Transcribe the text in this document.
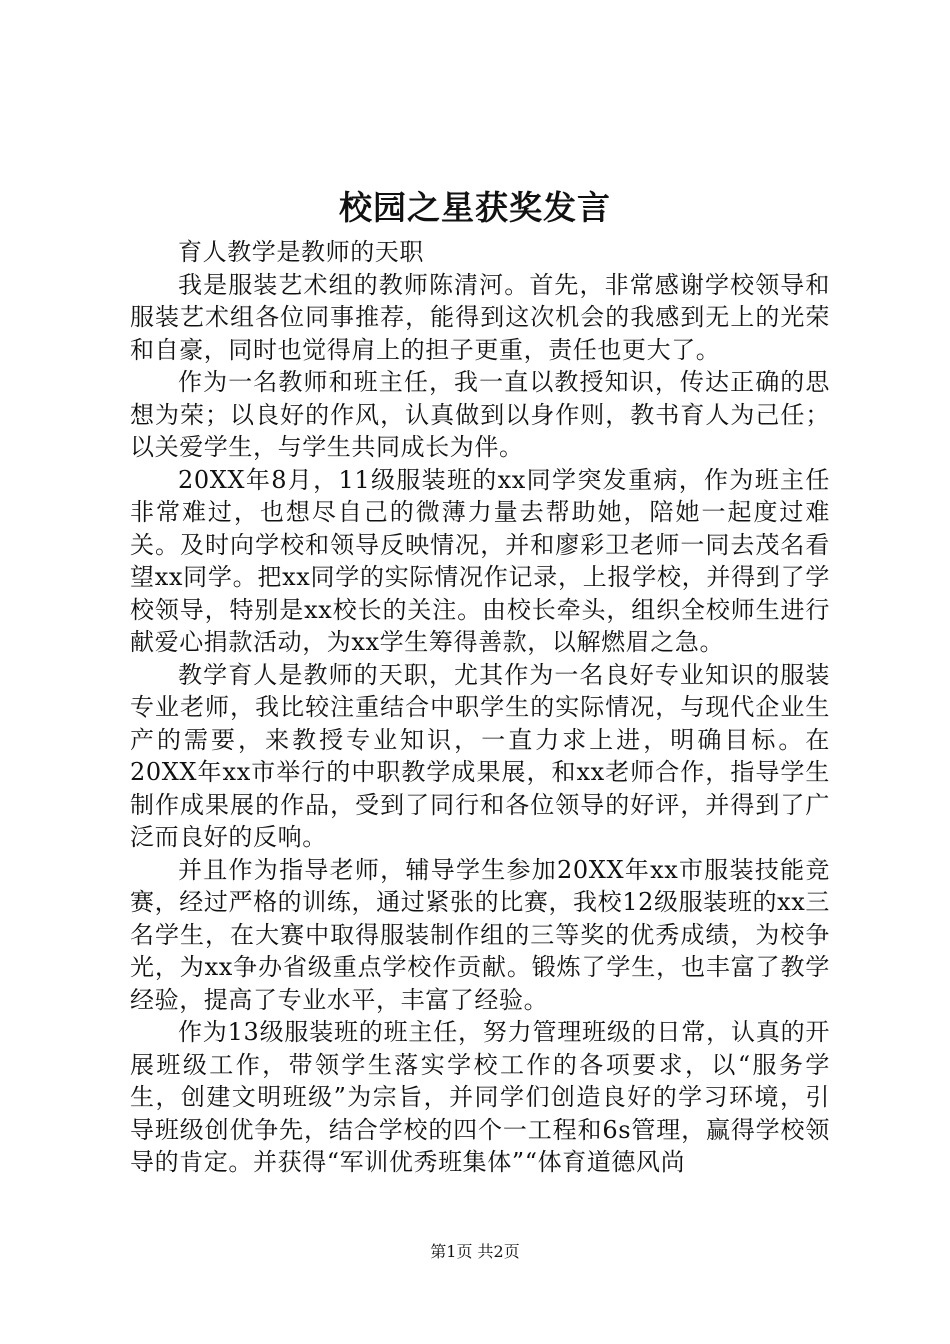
校园之星获奖发言

育人教学是教师的天职

我是服装艺术组的教师陈清河。首先，非常感谢学校领导和服装艺术组各位同事推荐，能得到这次机会的我感到无上的光荣和自豪，同时也觉得肩上的担子更重，责任也更大了。

作为一名教师和班主任，我一直以教授知识，传达正确的思想为荣；以良好的作风，认真做到以身作则，教书育人为己任；以关爱学生，与学生共同成长为伴。

20XX年8月，11级服装班的xx同学突发重病，作为班主任非常难过，也想尽自己的微薄力量去帮助她，陪她一起度过难关。及时向学校和领导反映情况，并和廖彩卫老师一同去茂名看望xx同学。把xx同学的实际情况作记录，上报学校，并得到了学校领导，特别是xx校长的关注。由校长牵头，组织全校师生进行献爱心捐款活动，为xx学生筹得善款，以解燃眉之急。

教学育人是教师的天职，尤其作为一名良好专业知识的服装专业老师，我比较注重结合中职学生的实际情况，与现代企业生产的需要，来教授专业知识，一直力求上进，明确目标。在20XX年xx市举行的中职教学成果展，和xx老师合作，指导学生制作成果展的作品，受到了同行和各位领导的好评，并得到了广泛而良好的反响。

并且作为指导老师，辅导学生参加20XX年xx市服装技能竞赛，经过严格的训练，通过紧张的比赛，我校12级服装班的xx三名学生，在大赛中取得服装制作组的三等奖的优秀成绩，为校争光，为xx争办省级重点学校作贡献。锻炼了学生，也丰富了教学经验，提高了专业水平，丰富了经验。

作为13级服装班的班主任，努力管理班级的日常，认真的开展班级工作，带领学生落实学校工作的各项要求，以“服务学生，创建文明班级”为宗旨，并同学们创造良好的学习环境，引导班级创优争先，结合学校的四个一工程和6s管理，赢得学校领导的肯定。并获得“军训优秀班集体”“体育道德风尚

第1页 共2页
